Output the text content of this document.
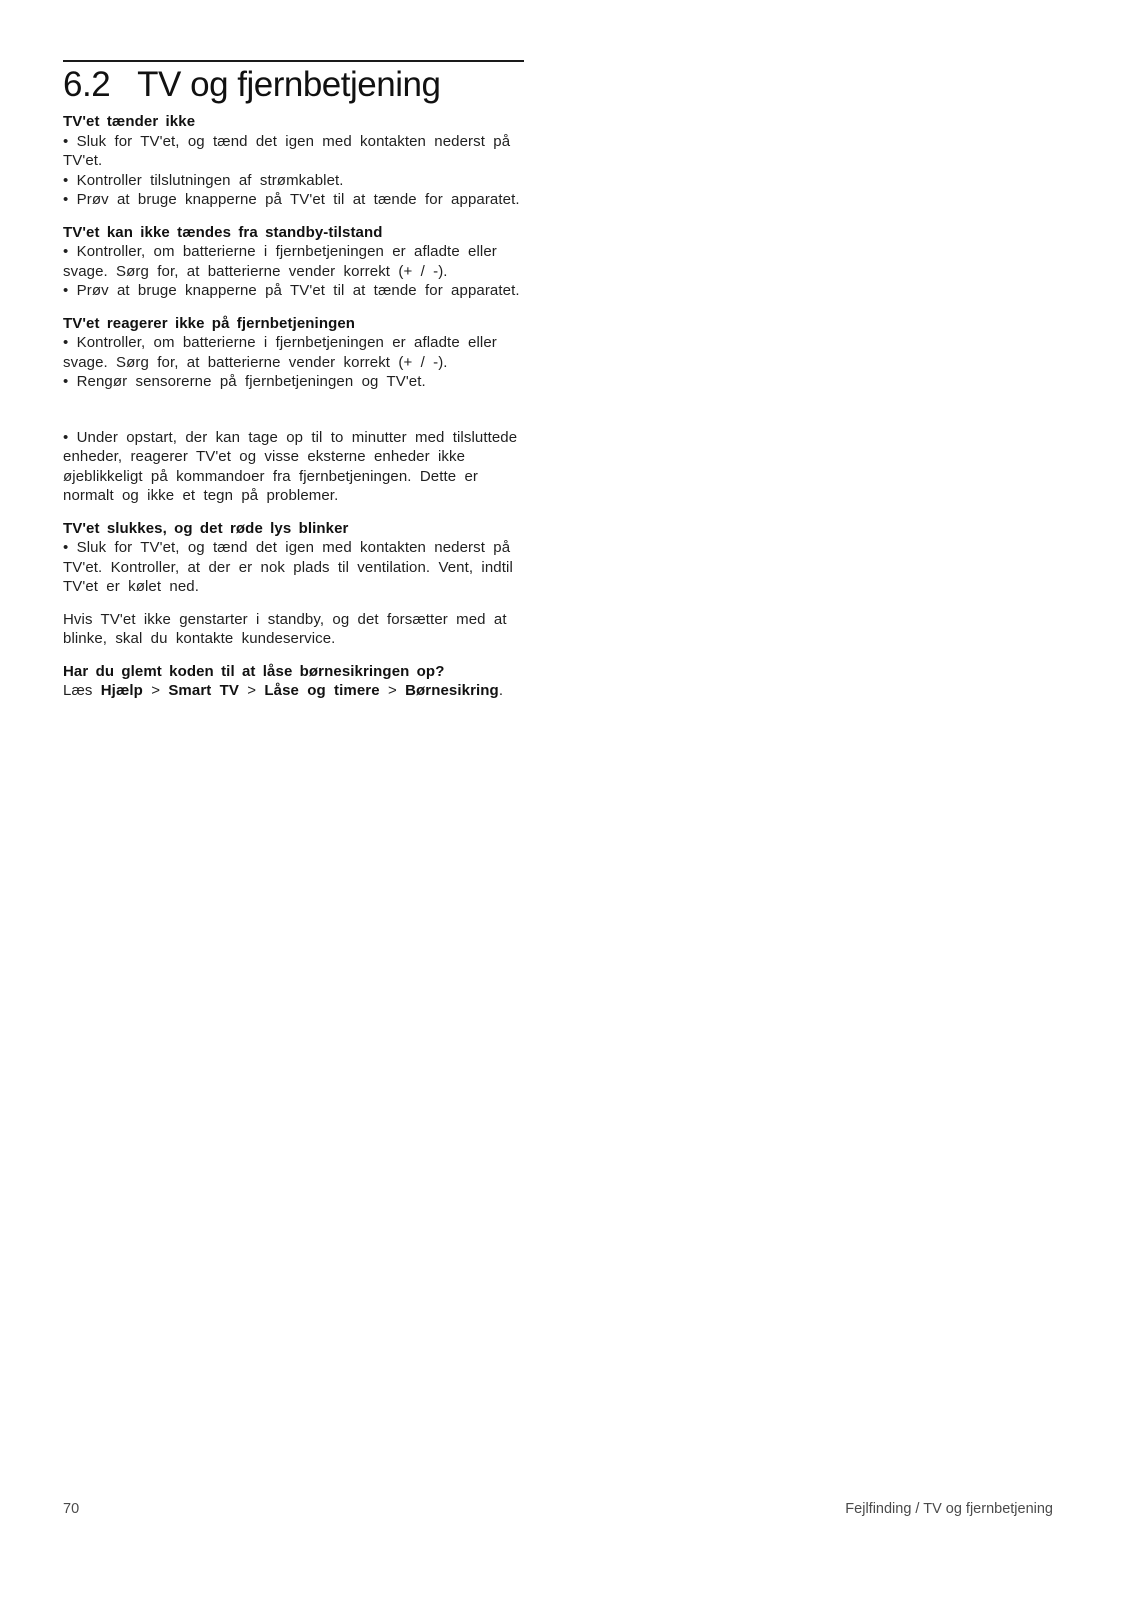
6.2 TV og fjernbetjening
TV'et tænder ikke

• Sluk for TV'et, og tænd det igen med kontakten nederst på TV'et.

• Kontroller tilslutningen af strømkablet.

• Prøv at bruge knapperne på TV'et til at tænde for apparatet.

TV'et kan ikke tændes fra standby-tilstand

• Kontroller, om batterierne i fjernbetjeningen er afladte eller svage. Sørg for, at batterierne vender korrekt (+ / -).

• Prøv at bruge knapperne på TV'et til at tænde for apparatet.

TV'et reagerer ikke på fjernbetjeningen

• Kontroller, om batterierne i fjernbetjeningen er afladte eller svage. Sørg for, at batterierne vender korrekt (+ / -).

• Rengør sensorerne på fjernbetjeningen og TV'et.

• Under opstart, der kan tage op til to minutter med tilsluttede enheder, reagerer TV'et og visse eksterne enheder ikke øjeblikkeligt på kommandoer fra fjernbetjeningen. Dette er normalt og ikke et tegn på problemer.

TV'et slukkes, og det røde lys blinker

• Sluk for TV'et, og tænd det igen med kontakten nederst på TV'et. Kontroller, at der er nok plads til ventilation. Vent, indtil TV'et er kølet ned.

Hvis TV'et ikke genstarter i standby, og det forsætter med at blinke, skal du kontakte kundeservice.

Har du glemt koden til at låse børnesikringen op?

Læs Hjælp > Smart TV > Låse og timere > Børnesikring.

70	Fejlfinding / TV og fjernbetjening
